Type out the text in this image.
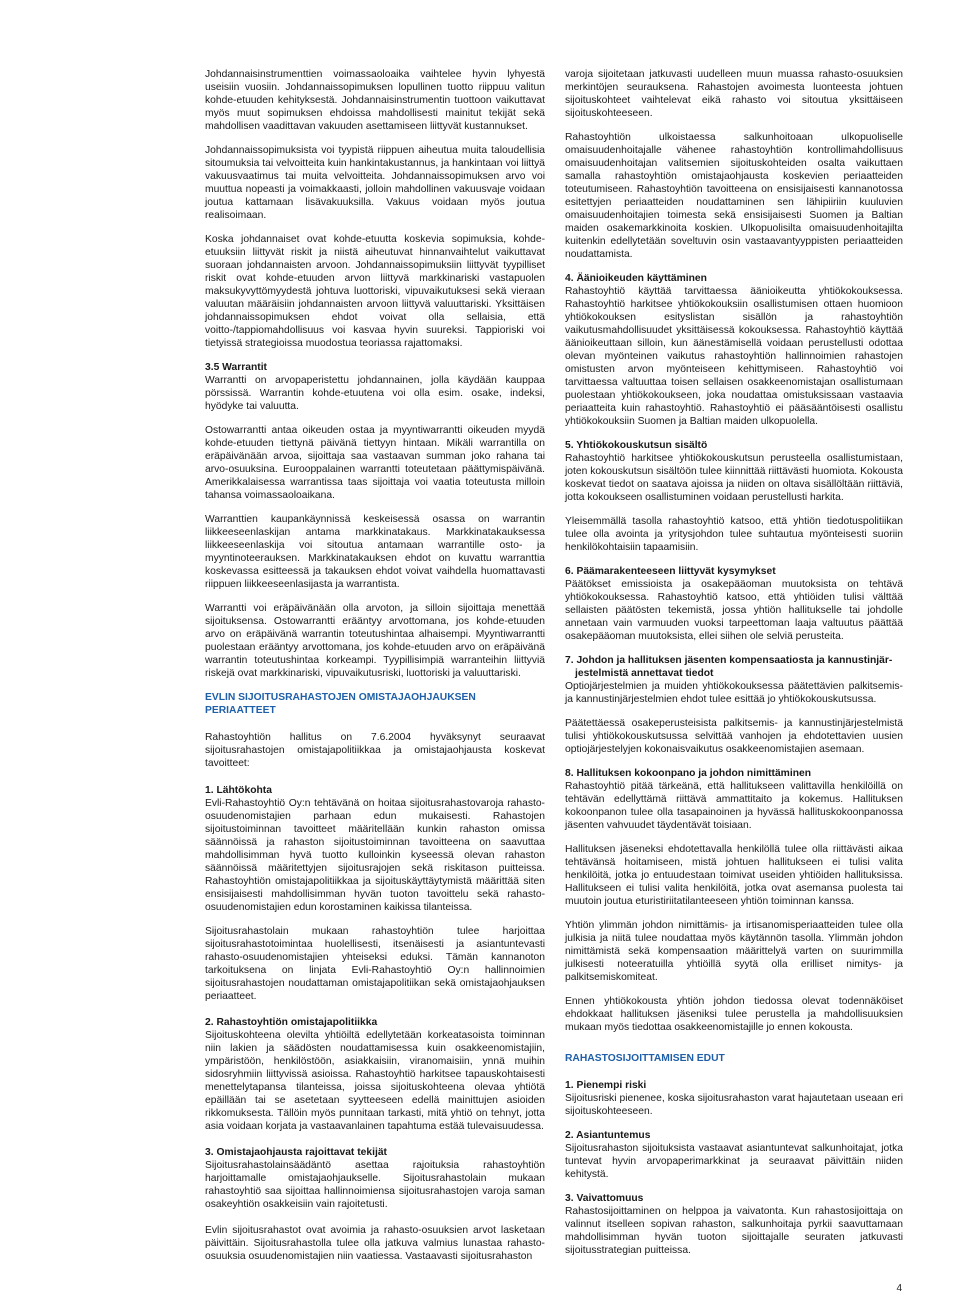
Johdannaisinstrumenttien voimassaoloaika vaihtelee hyvin lyhyestä useisiin vuosiin. Johdannaissopimuksen lopullinen tuotto riippuu valitun kohde-etuuden kehityksestä. Johdannaisinstrumentin tuottoon vaikuttavat myös muut sopimuksen ehdoissa mahdollisesti mainitut tekijät sekä mahdollisen vaadittavan vakuuden asettamiseen liittyvät kustannukset.

Johdannaissopimuksista voi tyypistä riippuen aiheutua muita taloudellisia sitoumuksia tai velvoitteita kuin hankintakustannus, ja hankintaan voi liittyä vakuusvaatimus tai muita velvoitteita. Johdannaissopimuksen arvo voi muuttua nopeasti ja voimakkaasti, jolloin mahdollinen vakuusvaje voidaan joutua kattamaan lisävakuuksilla. Vakuus voidaan myös joutua realisoimaan.

Koska johdannaiset ovat kohde-etuutta koskevia sopimuksia, kohde-etuuksiin liittyvät riskit ja niistä aiheutuvat hinnanvaihtelut vaikuttavat suoraan johdannaisten arvoon. Johdannaissopimuksiin liittyvät tyypilliset riskit ovat kohde-etuuden arvon liittyvä markkinariski vastapuolen maksukyvyttömyydestä johtuva luottoriski, vipuvaikutuksesi sekä vieraan valuutan määräisiin johdannaisten arvoon liittyvä valuuttariski. Yksittäisen johdannaissopimuksen ehdot voivat olla sellaisia, että voitto-/tappiomahdollisuus voi kasvaa hyvin suureksi. Tappioriski voi tietyissä strategioissa muodostua teoriassa rajattomaksi.

3.5 Warrantit

Warrantti on arvopaperistettu johdannainen, jolla käydään kauppaa pörssissä. Warrantin kohde-etuutena voi olla esim. osake, indeksi, hyödyke tai valuutta.

Ostowarrantti antaa oikeuden ostaa ja myyntiwarrantti oikeuden myydä kohde-etuuden tiettynä päivänä tiettyyn hintaan. Mikäli warrantilla on eräpäivänään arvoa, sijoittaja saa vastaavan summan joko rahana tai arvo-osuuksina. Eurooppalainen warrantti toteutetaan päättymispäivänä. Amerikkalaisessa warrantissa taas sijoittaja voi vaatia toteutusta milloin tahansa voimassaoloaikana.

Warranttien kaupankäynnissä keskeisessä osassa on warrantin liikkeeseenlaskijan antama markkinatakaus. Markkinatakauksessa liikkeeseenlaskija voi sitoutua antamaan warrantille osto- ja myyntinoteerauksen. Markkinatakauksen ehdot on kuvattu warranttia koskevassa esitteessä ja takauksen ehdot voivat vaihdella huomattavasti riippuen liikkeeseenlasijasta ja warrantista.

Warrantti voi eräpäivänään olla arvoton, ja silloin sijoittaja menettää sijoituksensa. Ostowarrantti erääntyy arvottomana, jos kohde-etuuden arvo on eräpäivänä warrantin toteutushintaa alhaisempi. Myyntiwarrantti puolestaan erääntyy arvottomana, jos kohde-etuuden arvo on eräpäivänä warrantin toteutushintaa korkeampi. Tyypillisimpiä warranteihin liittyviä riskejä ovat markkinariski, vipuvaikutusriski, luottoriski ja valuuttariski.

EVLIN SIJOITUSRAHASTOJEN OMISTAJAOHJAUKSEN PERIAATTEET

Rahastoyhtiön hallitus on 7.6.2004 hyväksynyt seuraavat sijoitusrahastojen omistajapolitiikkaa ja omistajaohjausta koskevat tavoitteet:

1. Lähtökohta

Evli-Rahastoyhtiö Oy:n tehtävänä on hoitaa sijoitusrahastovaroja rahasto-osuudenomistajien parhaan edun mukaisesti. Rahastojen sijoitustoiminnan tavoitteet määritellään kunkin rahaston omissa säännöissä ja rahaston sijoitustoiminnan tavoitteena on saavuttaa mahdollisimman hyvä tuotto kulloinkin kyseessä olevan rahaston säännöissä määritettyjen sijoitusrajojen sekä riskitason puitteissa. Rahastoyhtiön omistajapolitiikkaa ja sijoituskäyttäytymistä määrittää siten ensisijaisesti mahdollisimman hyvän tuoton tavoittelu sekä rahasto-osuudenomistajien edun korostaminen kaikissa tilanteissa.

Sijoitusrahastolain mukaan rahastoyhtiön tulee harjoittaa sijoitusrahastotoimintaa huolellisesti, itsenäisesti ja asiantuntevasti rahasto-osuudenomistajien yhteiseksi eduksi. Tämän kannanoton tarkoituksena on linjata Evli-Rahastoyhtiö Oy:n hallinnoimien sijoitusrahastojen noudattaman omistajapolitiikan sekä omistajaohjauksen periaatteet.

2. Rahastoyhtiön omistajapolitiikka

Sijoituskohteena olevilta yhtiöiltä edellytetään korkeatasoista toiminnan niin lakien ja säädösten noudattamisessa kuin osakkeenomistajiin, ympäristöön, henkilöstöön, asiakkaisiin, viranomaisiin, ynnä muihin sidosryhmiin liittyvissä asioissa. Rahastoyhtiö harkitsee tapauskohtaisesti menettelytapansa tilanteissa, joissa sijoituskohteena olevaa yhtiötä epäillään tai se asetetaan syytteeseen edellä mainittujen asioiden rikkomuksesta. Tällöin myös punnitaan tarkasti, mitä yhtiö on tehnyt, jotta asia voidaan korjata ja vastaavanlainen tapahtuma estää tulevaisuudessa.

3. Omistajaohjausta rajoittavat tekijät

Sijoitusrahastolainsäädäntö asettaa rajoituksia rahastoyhtiön harjoittamalle omistajaohjaukselle. Sijoitusrahastolain mukaan rahastoyhtiö saa sijoittaa hallinnoimiensa sijoitusrahastojen varoja saman osakeyhtiön osakkeisiin vain rajoitetusti.

Evlin sijoitusrahastot ovat avoimia ja rahasto-osuuksien arvot lasketaan päivittäin. Sijoitusrahastolla tulee olla jatkuva valmius lunastaa rahasto-osuuksia osuudenomistajien niin vaatiessa. Vastaavasti sijoitusrahaston

varoja sijoitetaan jatkuvasti uudelleen muun muassa rahasto-osuuksien merkintöjen seurauksena. Rahastojen avoimesta luonteesta johtuen sijoituskohteet vaihtelevat eikä rahasto voi sitoutua yksittäiseen sijoituskohteeseen.

Rahastoyhtiön ulkoistaessa salkunhoitoaan ulkopuoliselle omaisuudenhoitajalle vähenee rahastoyhtiön kontrollimahdollisuus omaisuudenhoitajan valitsemien sijoituskohteiden osalta vaikuttaen samalla rahastoyhtiön omistajaohjausta koskevien periaatteiden toteutumiseen. Rahastoyhtiön tavoitteena on ensisijaisesti kannanotossa esitettyjen periaatteiden noudattaminen sen lähipiiriin kuuluvien omaisuudenhoitajien toimesta sekä ensisijaisesti Suomen ja Baltian maiden osakemarkkinoita koskien. Ulkopuolisilta omaisuudenhoitajilta kuitenkin edellytetään soveltuvin osin vastaavantyyppisten periaatteiden noudattamista.

4. Äänioikeuden käyttäminen

Rahastoyhtiö käyttää tarvittaessa äänioikeutta yhtiökokouksessa. Rahastoyhtiö harkitsee yhtiökokouksiin osallistumisen ottaen huomioon yhtiökokouksen esityslistan sisällön ja rahastoyhtiön vaikutusmahdollisuudet yksittäisessä kokouksessa. Rahastoyhtiö käyttää äänioikeuttaan silloin, kun äänestämisellä voidaan perustellusti odottaa olevan myönteinen vaikutus rahastoyhtiön hallinnoimien rahastojen omistusten arvon myönteiseen kehittymiseen. Rahastoyhtiö voi tarvittaessa valtuuttaa toisen sellaisen osakkeenomistajan osallistumaan puolestaan yhtiökokoukseen, joka noudattaa omistuksissaan vastaavia periaatteita kuin rahastoyhtiö. Rahastoyhtiö ei pääsääntöisesti osallistu yhtiökokouksiin Suomen ja Baltian maiden ulkopuolella.

5. Yhtiökokouskutsun sisältö

Rahastoyhtiö harkitsee yhtiökokouskutsun perusteella osallistumistaan, joten kokouskutsun sisältöön tulee kiinnittää riittävästi huomiota. Kokousta koskevat tiedot on saatava ajoissa ja niiden on oltava sisällöltään riittäviä, jotta kokoukseen osallistuminen voidaan perustellusti harkita.

Yleisemmällä tasolla rahastoyhtiö katsoo, että yhtiön tiedotuspolitiikan tulee olla avointa ja yritysjohdon tulee suhtautua myönteisesti suoriin henkilökohtaisiin tapaamisiin.

6. Päämarakenteeseen liittyvät kysymykset

Päätökset emissioista ja osakepääoman muutoksista on tehtävä yhtiökokouksessa. Rahastoyhtiö katsoo, että yhtiöiden tulisi välttää sellaisten päätösten tekemistä, jossa yhtiön hallitukselle tai johdolle annetaan vain varmuuden vuoksi tarpeettoman laaja valtuutus päättää osakepääoman muutoksista, ellei siihen ole selviä perusteita.

7. Johdon ja hallituksen jäsenten kompensaatiosta ja kannustinjär-

jestelmistä annettavat tiedot

Optiojärjestelmien ja muiden yhtiökokouksessa päätettävien palkitsemis- ja kannustinjärjestelmien ehdot tulee esittää jo yhtiökokouskutsussa.

Päätettäessä osakeperusteisista palkitsemis- ja kannustinjärjestelmistä tulisi yhtiökokouskutsussa selvittää vanhojen ja ehdotettavien uusien optiojärjestelyjen kokonaisvaikutus osakkeenomistajien asemaan.

8. Hallituksen kokoonpano ja johdon nimittäminen

Rahastoyhtiö pitää tärkeänä, että hallitukseen valittavilla henkilöillä on tehtävän edellyttämä riittävä ammattitaito ja kokemus. Hallituksen kokoonpanon tulee olla tasapainoinen ja hyvässä hallituskokoonpanossa jäsenten vahvuudet täydentävät toisiaan.

Hallituksen jäseneksi ehdotettavalla henkilöllä tulee olla riittävästi aikaa tehtävänsä hoitamiseen, mistä johtuen hallitukseen ei tulisi valita henkilöitä, jotka jo entuudestaan toimivat useiden yhtiöiden hallituksissa. Hallitukseen ei tulisi valita henkilöitä, jotka ovat asemansa puolesta tai muutoin joutua eturistiriitatilanteeseen yhtiön toiminnan kanssa.

Yhtiön ylimmän johdon nimittämis- ja irtisanomisperiaatteiden tulee olla julkisia ja niitä tulee noudattaa myös käytännön tasolla. Ylimmän johdon nimittämistä sekä kompensaation määrittelyä varten on suurimmilla julkisesti noteeratuilla yhtiöillä syytä olla erilliset nimitys- ja palkitsemiskomiteat.

Ennen yhtiökokousta yhtiön johdon tiedossa olevat todennäköiset ehdokkaat hallituksen jäseniksi tulee perustella ja mahdollisuuksien mukaan myös tiedottaa osakkeenomistajille jo ennen kokousta.

RAHASTOSIJOITTAMISEN EDUT

1. Pienempi riski

Sijoitusriski pienenee, koska sijoitusrahaston varat hajautetaan useaan eri sijoituskohteeseen.

2. Asiantuntemus

Sijoitusrahaston sijoituksista vastaavat asiantuntevat salkunhoitajat, jotka tuntevat hyvin arvopaperimarkkinat ja seuraavat päivittäin niiden kehitystä.

3. Vaivattomuus

Rahastosijoittaminen on helppoa ja vaivatonta. Kun rahastosijoittaja on valinnut itselleen sopivan rahaston, salkunhoitaja pyrkii saavuttamaan mahdollisimman hyvän tuoton sijoittajalle seuraten jatkuvasti sijoitusstrategian puitteissa.

4
